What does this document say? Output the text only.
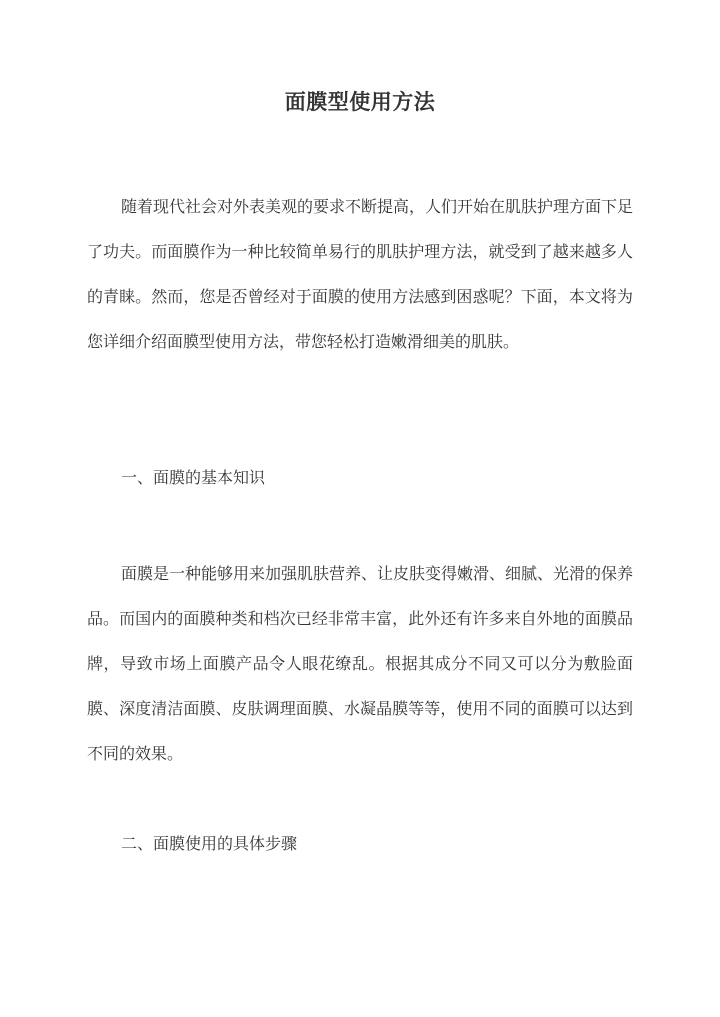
面膜型使用方法

随着现代社会对外表美观的要求不断提高，人们开始在肌肤护理方面下足了功夫。而面膜作为一种比较简单易行的肌肤护理方法，就受到了越来越多人的青睐。然而，您是否曾经对于面膜的使用方法感到困惑呢？下面，本文将为您详细介绍面膜型使用方法，带您轻松打造嫩滑细美的肌肤。

一、面膜的基本知识

面膜是一种能够用来加强肌肤营养、让皮肤变得嫩滑、细腻、光滑的保养品。而国内的面膜种类和档次已经非常丰富，此外还有许多来自外地的面膜品牌，导致市场上面膜产品令人眼花缭乱。根据其成分不同又可以分为敷脸面膜、深度清洁面膜、皮肤调理面膜、水凝晶膜等等，使用不同的面膜可以达到不同的效果。

二、面膜使用的具体步骤
